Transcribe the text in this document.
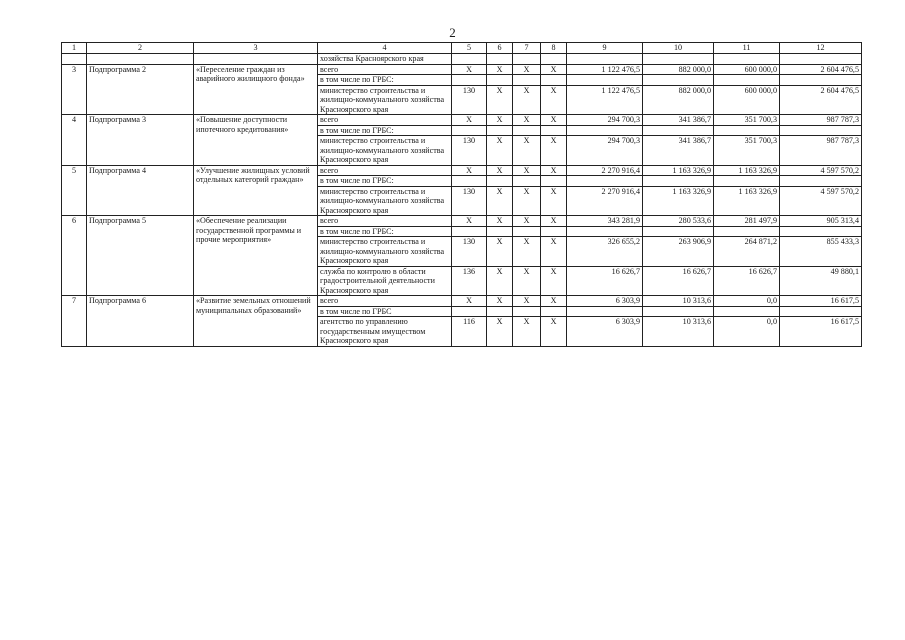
2
1	2	3	4	5	6	7	8	9	10	11	12
			хозяйства Красноярского края								
3	Подпрограмма 2	«Переселение граждан из аварийного жилищного фонда»	всего	X	X	X	X	1 122 476,5	882 000,0	600 000,0	2 604 476,5
			в том числе по ГРБС:								
			министерство строительства и жилищно-коммунального хозяйства Красноярского края	130	X	X	X	1 122 476,5	882 000,0	600 000,0	2 604 476,5
4	Подпрограмма 3	«Повышение доступности ипотечного кредитования»	всего	X	X	X	X	294 700,3	341 386,7	351 700,3	987 787,3
			в том числе по ГРБС:								
			министерство строительства и жилищно-коммунального хозяйства Красноярского края	130	X	X	X	294 700,3	341 386,7	351 700,3	987 787,3
5	Подпрограмма 4	«Улучшение жилищных условий отдельных категорий граждан»	всего	X	X	X	X	2 270 916,4	1 163 326,9	1 163 326,9	4 597 570,2
			в том числе по ГРБС:								
			министерство строительства и жилищно-коммунального хозяйства Красноярского края	130	X	X	X	2 270 916,4	1 163 326,9	1 163 326,9	4 597 570,2
6	Подпрограмма 5	«Обеспечение реализации государственной программы и прочие мероприятия»	всего	X	X	X	X	343 281,9	280 533,6	281 497,9	905 313,4
			в том числе по ГРБС:								
			министерство строительства и жилищно-коммунального хозяйства Красноярского края	130	X	X	X	326 655,2	263 906,9	264 871,2	855 433,3
			служба по контролю в области градостроительной деятельности Красноярского края	136	X	X	X	16 626,7	16 626,7	16 626,7	49 880,1
7	Подпрограмма 6	«Развитие земельных отношений муниципальных образований»	всего	X	X	X	X	6 303,9	10 313,6	0,0	16 617,5
			в том числе по ГРБС								
			агентство по управлению государственным имуществом Красноярского края	116	X	X	X	6 303,9	10 313,6	0,0	16 617,5
